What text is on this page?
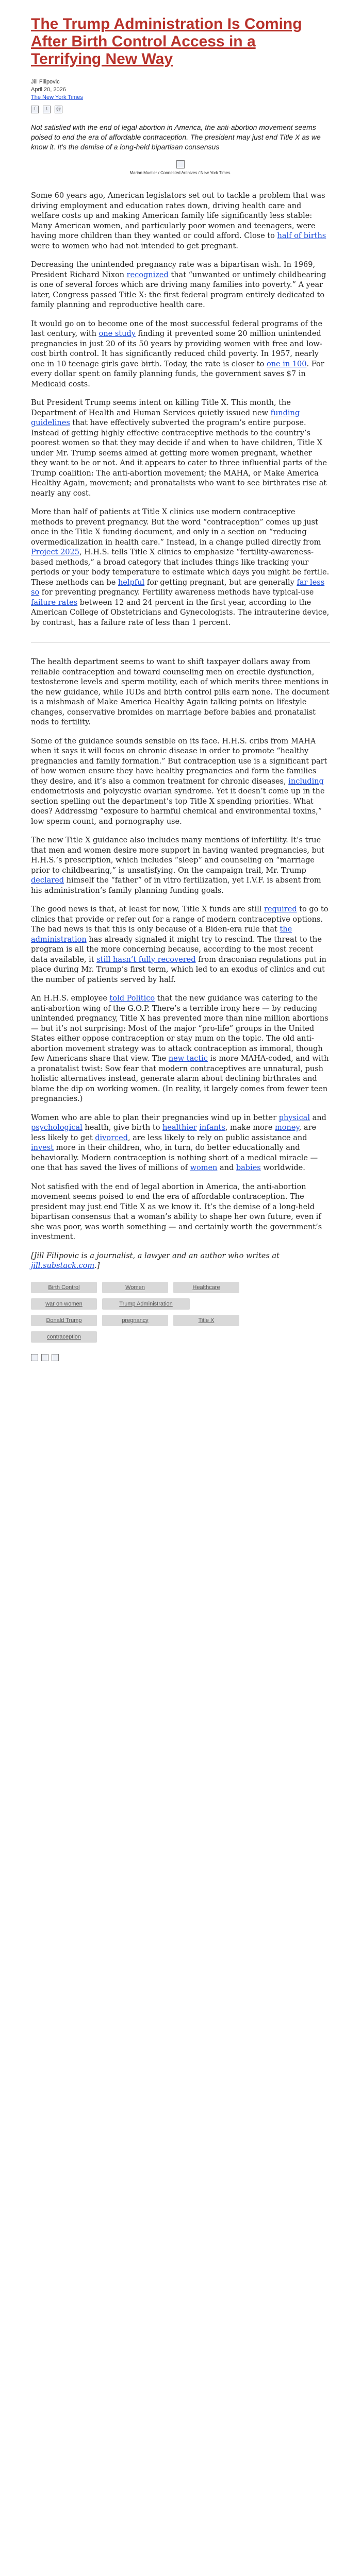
The Trump Administration Is Coming After Birth Control Access in a Terrifying New Way
Jill Filipovic
April 20, 2026
The New York Times
f	t	@
Not satisfied with the end of legal abortion in America, the anti-abortion movement seems poised to end the era of affordable contraception. The president may just end Title X as we know it. It's the demise of a long-held bipartisan consensus
Marian Mueller / Connected Archives / New York Times.

Some 60 years ago, American legislators set out to tackle a problem that was driving employment and education rates down, driving health care and welfare costs up and making American family life significantly less stable: Many American women, and particularly poor women and teenagers, were having more children than they wanted or could afford. Close to half of births were to women who had not intended to get pregnant.

Decreasing the unintended pregnancy rate was a bipartisan wish. In 1969, President Richard Nixon recognized that “unwanted or untimely childbearing is one of several forces which are driving many families into poverty.” A year later, Congress passed Title X: the first federal program entirely dedicated to family planning and reproductive health care.

It would go on to become one of the most successful federal programs of the last century, with one study finding it prevented some 20 million unintended pregnancies in just 20 of its 50 years by providing women with free and low-cost birth control. It has significantly reduced child poverty. In 1957, nearly one in 10 teenage girls gave birth. Today, the rate is closer to one in 100. For every dollar spent on family planning funds, the government saves $7 in Medicaid costs.

But President Trump seems intent on killing Title X. This month, the Department of Health and Human Services quietly issued new funding guidelines that have effectively subverted the program’s entire purpose. Instead of getting highly effective contraceptive methods to the country’s poorest women so that they may decide if and when to have children, Title X under Mr. Trump seems aimed at getting more women pregnant, whether they want to be or not. And it appears to cater to three influential parts of the Trump coalition: The anti-abortion movement; the MAHA, or Make America Healthy Again, movement; and pronatalists who want to see birthrates rise at nearly any cost.

More than half of patients at Title X clinics use modern contraceptive methods to prevent pregnancy. But the word “contraception” comes up just once in the Title X funding document, and only in a section on “reducing overmedicalization in health care.” Instead, in a change pulled directly from Project 2025, H.H.S. tells Title X clinics to emphasize “fertility-awareness-based methods,” a broad category that includes things like tracking your periods or your body temperature to estimate which days you might be fertile. These methods can be helpful for getting pregnant, but are generally far less so for preventing pregnancy. Fertility awareness methods have typical-use failure rates between 12 and 24 percent in the first year, according to the American College of Obstetricians and Gynecologists. The intrauterine device, by contrast, has a failure rate of less than 1 percent.

The health department seems to want to shift taxpayer dollars away from reliable contraception and toward counseling men on erectile dysfunction, testosterone levels and sperm motility, each of which merits three mentions in the new guidance, while IUDs and birth control pills earn none. The document is a mishmash of Make America Healthy Again talking points on lifestyle changes, conservative bromides on marriage before babies and pronatalist nods to fertility.

Some of the guidance sounds sensible on its face. H.H.S. cribs from MAHA when it says it will focus on chronic disease in order to promote “healthy pregnancies and family formation.” But contraception use is a significant part of how women ensure they have healthy pregnancies and form the families they desire, and it’s also a common treatment for chronic diseases, including endometriosis and polycystic ovarian syndrome. Yet it doesn’t come up in the section spelling out the department’s top Title X spending priorities. What does? Addressing “exposure to harmful chemical and environmental toxins,” low sperm count, and pornography use.

The new Title X guidance also includes many mentions of infertility. It’s true that men and women desire more support in having wanted pregnancies, but H.H.S.’s prescription, which includes “sleep” and counseling on “marriage prior to childbearing,” is unsatisfying. On the campaign trail, Mr. Trump declared himself the “father” of in vitro fertilization, yet I.V.F. is absent from his administration’s family planning funding goals.

The good news is that, at least for now, Title X funds are still required to go to clinics that provide or refer out for a range of modern contraceptive options. The bad news is that this is only because of a Biden-era rule that the administration has already signaled it might try to rescind. The threat to the program is all the more concerning because, according to the most recent data available, it still hasn’t fully recovered from draconian regulations put in place during Mr. Trump’s first term, which led to an exodus of clinics and cut the number of patients served by half.

An H.H.S. employee told Politico that the new guidance was catering to the anti-abortion wing of the G.O.P. There’s a terrible irony here — by reducing unintended pregnancy, Title X has prevented more than nine million abortions — but it’s not surprising: Most of the major “pro-life” groups in the United States either oppose contraception or stay mum on the topic. The old anti-abortion movement strategy was to attack contraception as immoral, though few Americans share that view. The new tactic is more MAHA-coded, and with a pronatalist twist: Sow fear that modern contraceptives are unnatural, push holistic alternatives instead, generate alarm about declining birthrates and blame the dip on working women. (In reality, it largely comes from fewer teen pregnancies.)

Women who are able to plan their pregnancies wind up in better physical and psychological health, give birth to healthier infants, make more money, are less likely to get divorced, are less likely to rely on public assistance and invest more in their children, who, in turn, do better educationally and behaviorally. Modern contraception is nothing short of a medical miracle — one that has saved the lives of millions of women and babies worldwide.

Not satisfied with the end of legal abortion in America, the anti-abortion movement seems poised to end the era of affordable contraception. The president may just end Title X as we know it. It’s the demise of a long-held bipartisan consensus that a woman’s ability to shape her own future, even if she was poor, was worth something — and certainly worth the government’s investment.

[Jill Filipovic is a journalist, a lawyer and an author who writes at jill.substack.com.]

Birth Control	Women	Healthcare
war on women	Trump Administration
Donald Trump	pregnancy	Title X
contraception
